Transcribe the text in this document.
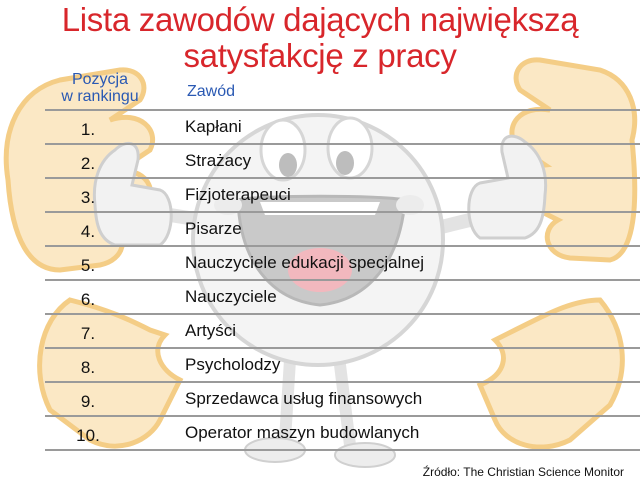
Lista zawodów dających największą
satysfakcję z pracy
Pozycja
w rankingu	Zawód
1.	Kapłani
2.	Strażacy
3.	Fizjoterapeuci
4.	Pisarze
5.	Nauczyciele edukacji specjalnej
6.	Nauczyciele
7.	Artyści
8.	Psycholodzy
9.	Sprzedawca usług finansowych
10.	Operator maszyn budowlanych
Źródło: The Christian Science Monitor
